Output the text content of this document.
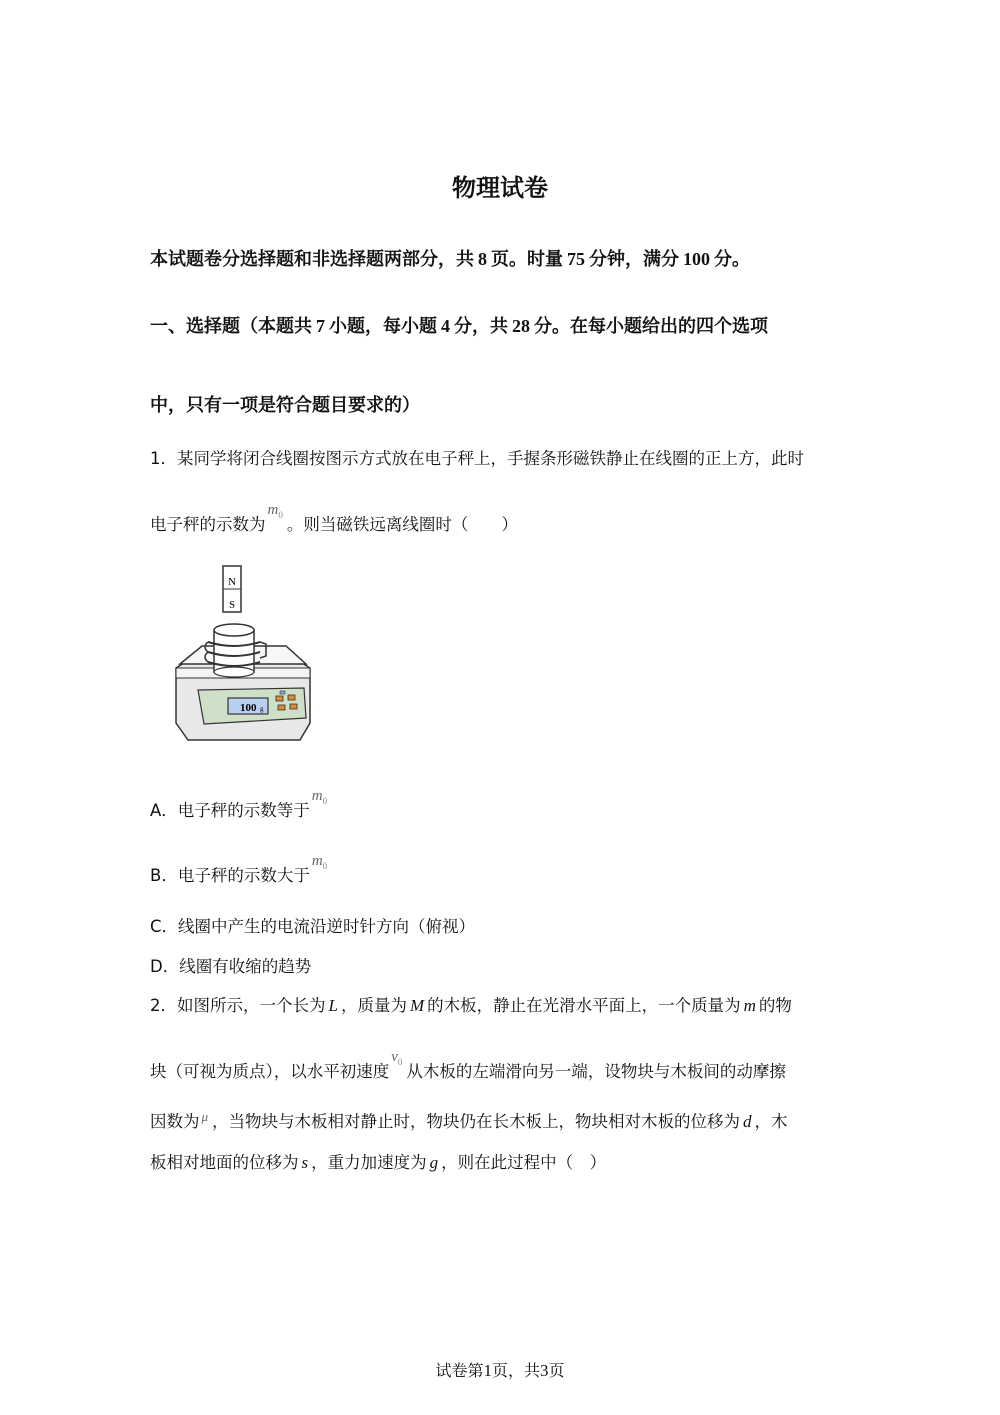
物理试卷
本试题卷分选择题和非选择题两部分，共 8 页。时量 75 分钟，满分 100 分。
一、选择题（本题共 7 小题，每小题 4 分，共 28 分。在每小题给出的四个选项
中，只有一项是符合题目要求的）
1．某同学将闭合线圈按图示方式放在电子秤上，手握条形磁铁静止在线圈的正上方，此时
电子秤的示数为$m_0$ 。则当磁铁远离线圈时（　　）
N
S
100 g
A．电子秤的示数等于$m_0$
B．电子秤的示数大于$m_0$
C．线圈中产生的电流沿逆时针方向（俯视）
D．线圈有收缩的趋势
2．如图所示，一个长为 L ，质量为 M 的木板，静止在光滑水平面上，一个质量为 m 的物
块（可视为质点），以水平初速度$v_0$ 从木板的左端滑向另一端，设物块与木板间的动摩擦
因数为 μ ，当物块与木板相对静止时，物块仍在长木板上，物块相对木板的位移为 d ，木
板相对地面的位移为 s ，重力加速度为 g ，则在此过程中（　）
试卷第1页，共3页
